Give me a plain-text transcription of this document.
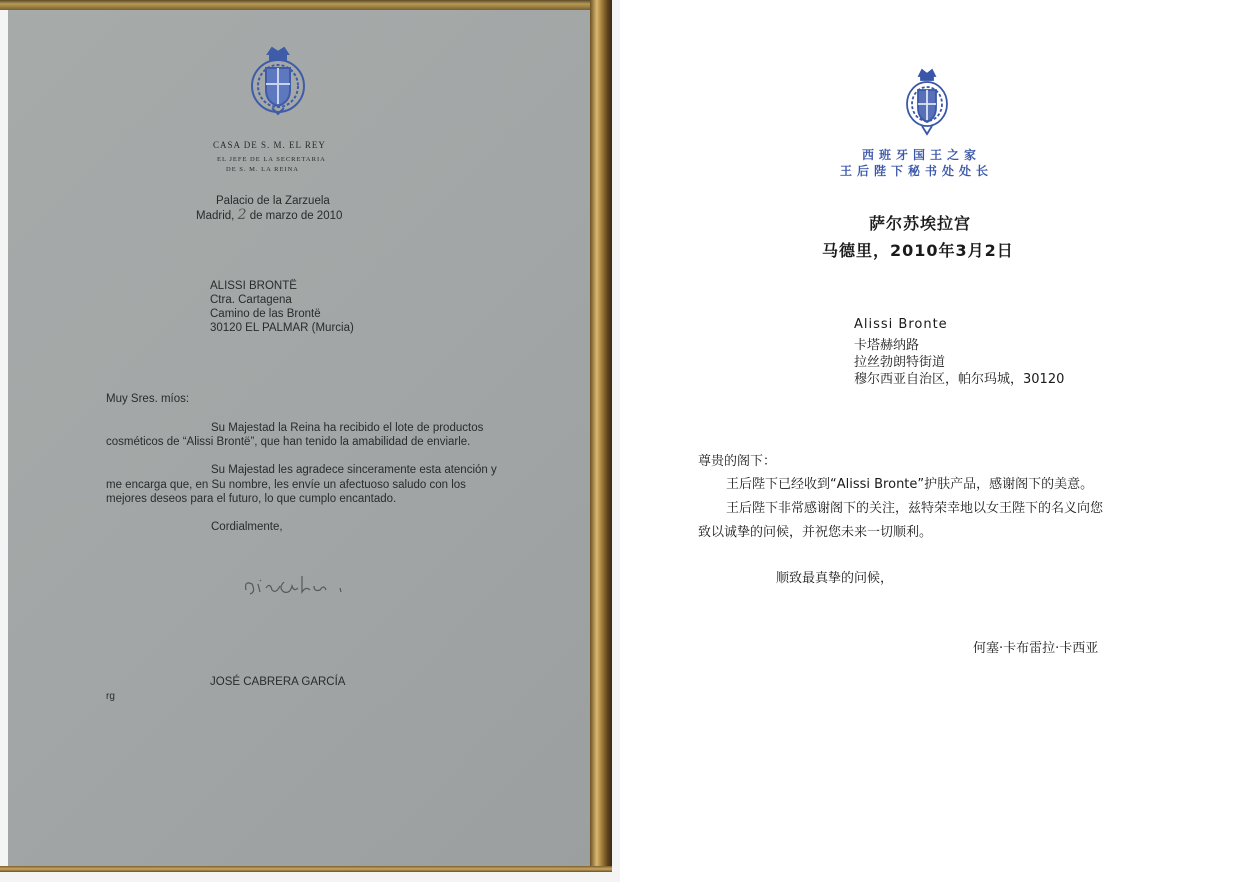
CASA DE S. M. EL REY
EL JEFE DE LA SECRETARIA
DE S. M. LA REINA
Palacio de la Zarzuela
Madrid, 2 de marzo de 2010
ALISSI BRONTË
Ctra. Cartagena
Camino de las Brontë
30120 EL PALMAR (Murcia)
Muy Sres. míos:
Su Majestad la Reina ha recibido el lote de productos
cosméticos de “Alissi Brontë”, que han tenido la amabilidad de enviarle.
Su Majestad les agradece sinceramente esta atención y
me encarga que, en Su nombre, les envíe un afectuoso saludo con los
mejores deseos para el futuro, lo que cumplo encantado.
Cordialmente,
JOSÉ CABRERA GARCÍA
rg
西班牙国王之家
王后陛下秘书处处长
萨尔苏埃拉宫
马德里，2010年3月2日
Alissi Bronte
卡塔赫纳路
拉丝勃朗特街道
穆尔西亚自治区，帕尔玛城，30120
尊贵的阁下：
王后陛下已经收到“Alissi Bronte”护肤产品，感谢阁下的美意。
王后陛下非常感谢阁下的关注，兹特荣幸地以女王陛下的名义向您
致以诚挚的问候，并祝您未来一切顺利。
顺致最真挚的问候，
何塞·卡布雷拉·卡西亚
